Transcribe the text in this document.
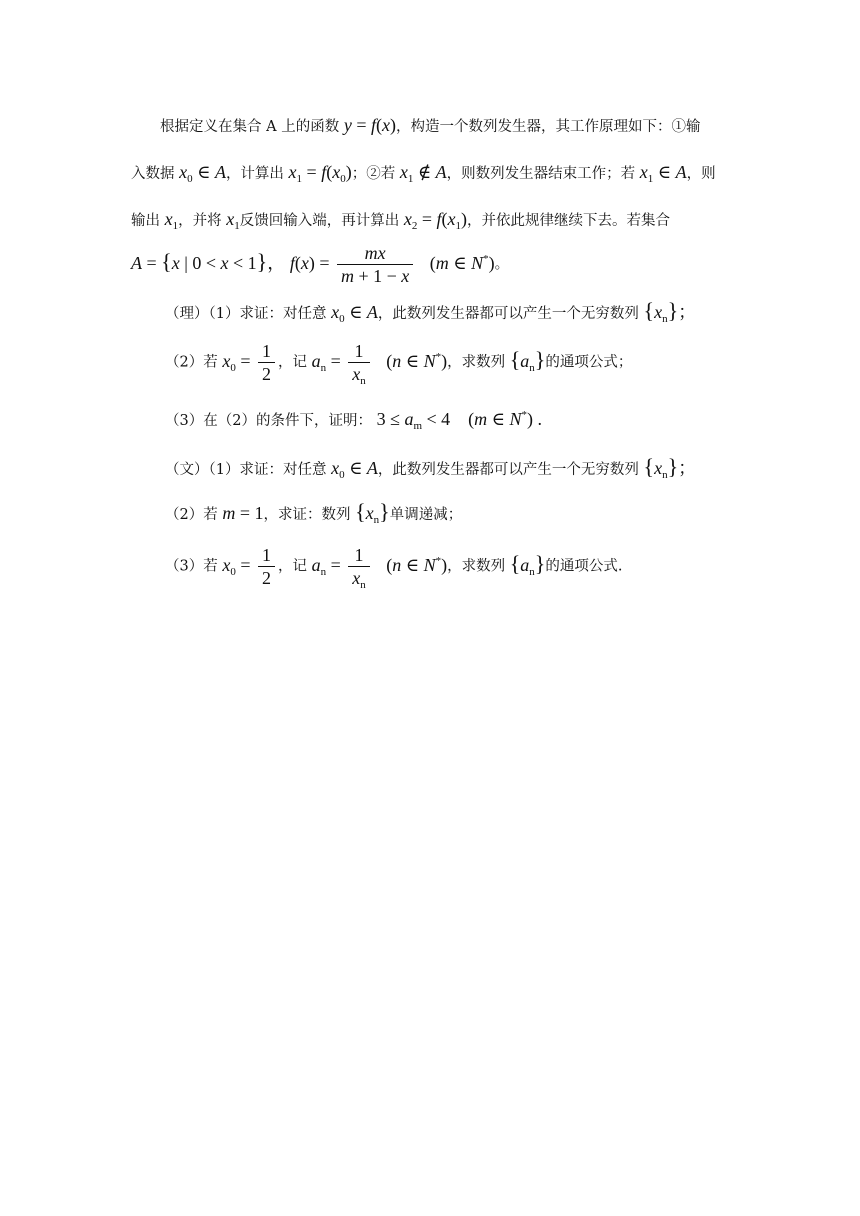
根据定义在集合 A 上的函数 y = f(x)，构造一个数列发生器，其工作原理如下：①输
入数据 $x_0$ ∈ A，计算出 $x_1 = f(x_0)$；②若 $x_1$ ∉ A，则数列发生器结束工作；若 $x_1$ ∈ A，则
输出 $x_1$，并将 $x_1$反馈回输入端，再计算出 $x_2 = f(x_1)$，并依此规律继续下去。若集合
A = {x | 0 < x < 1}， $f(x) = \frac{mx}{m + 1 - x} (m$ ∈ N*)。
（理）（1）求证：对任意 $x_0$ ∈ A，此数列发生器都可以产生一个无穷数列 $\{x_n\}$；
（2）若 $x_0 = \frac{1}{2}$ ，记 $a_n = \frac{1}{x_n} (n$ ∈ N*)，求数列 $\{a_n\}$的通项公式；
（3）在（2）的条件下，证明： $3 \le a_m < 4$    (m ∈ N*) .
（文）（1）求证：对任意 $x_0$ ∈ A，此数列发生器都可以产生一个无穷数列 $\{x_n\}$；
（2）若 m = 1，求证：数列 $\{x_n\}$单调递减；
（3）若 $x_0 = \frac{1}{2}$ ，记 $a_n = \frac{1}{x_n} (n$ ∈ N*)，求数列 $\{a_n\}$的通项公式.
